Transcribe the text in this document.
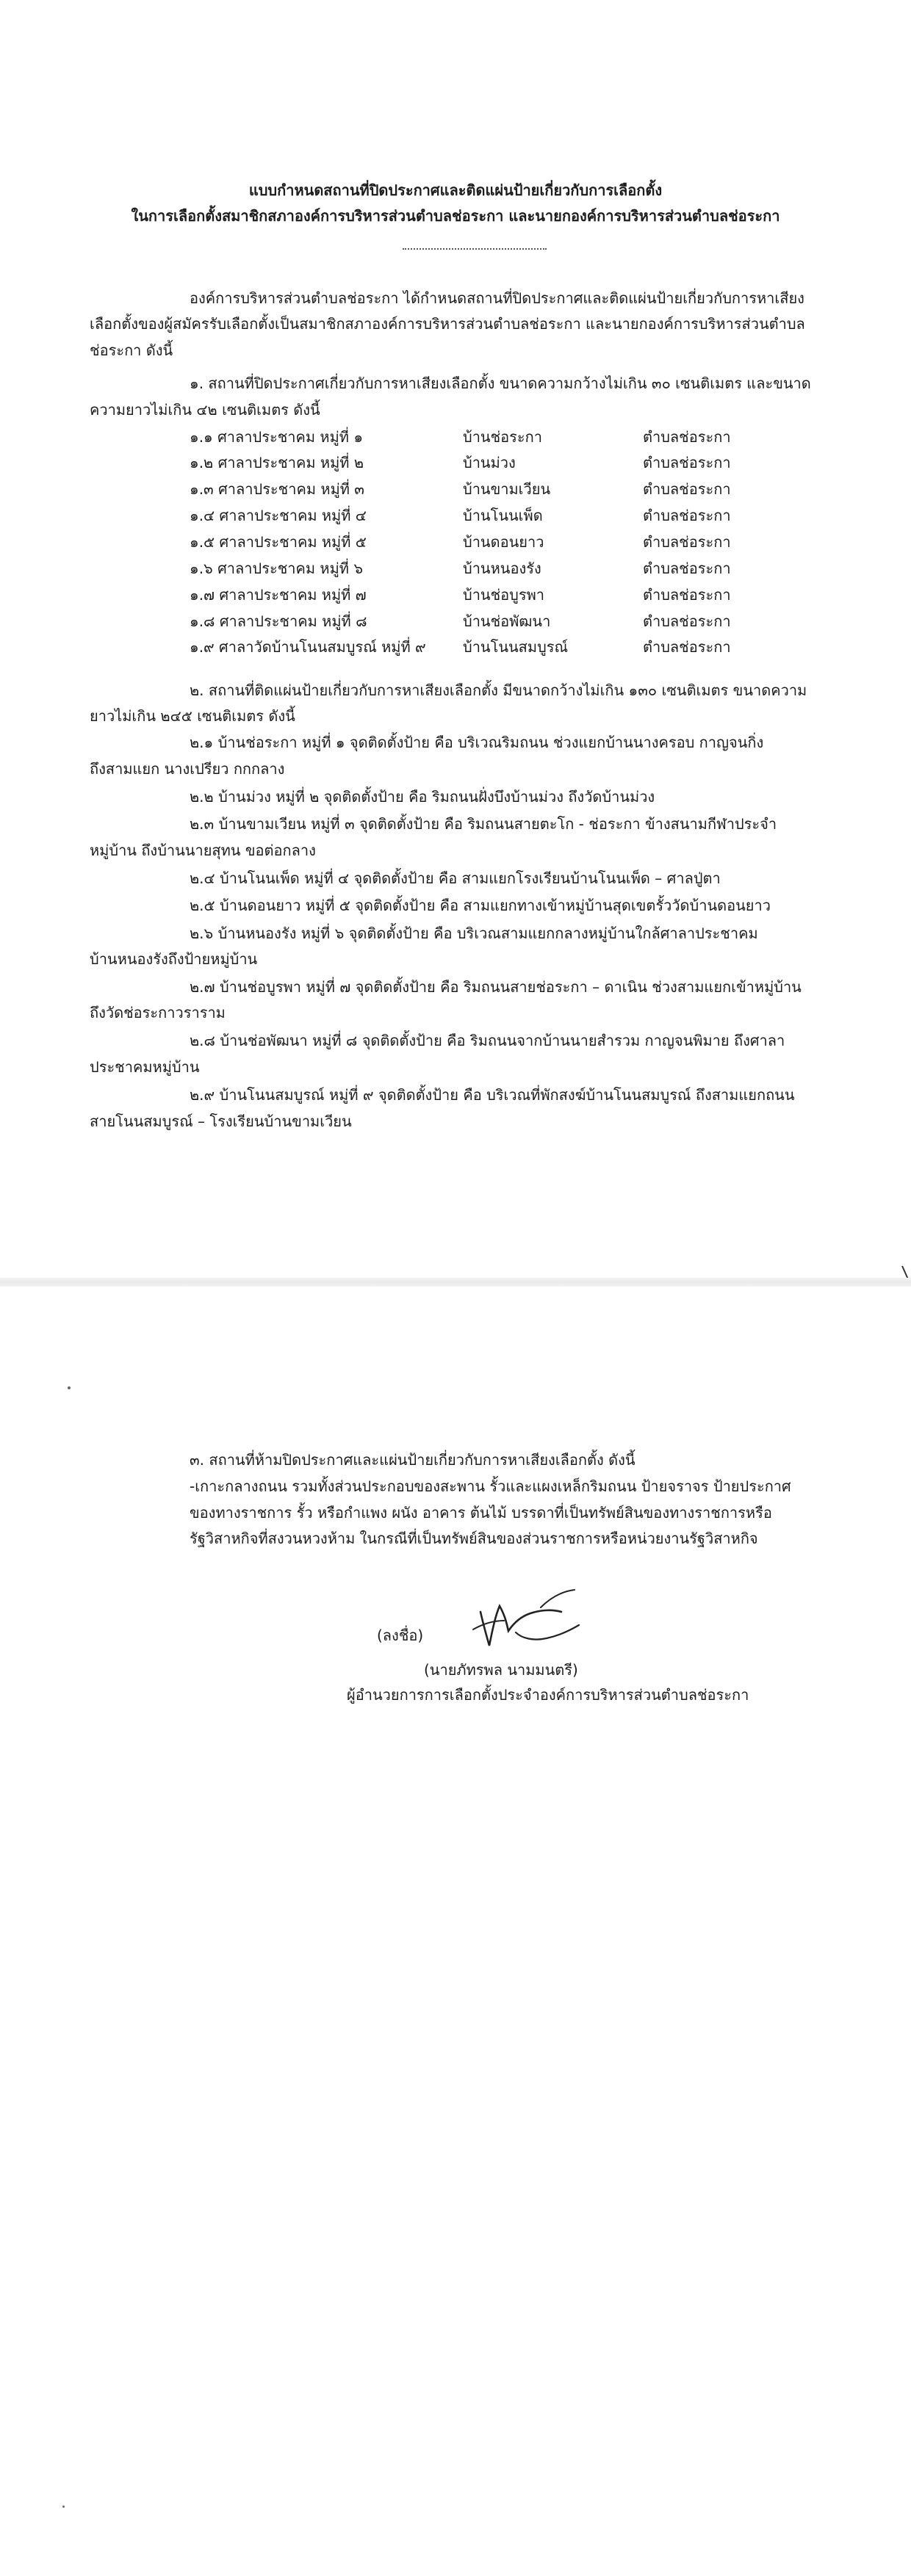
แบบกำหนดสถานที่ปิดประกาศและติดแผ่นป้ายเกี่ยวกับการเลือกตั้ง
ในการเลือกตั้งสมาชิกสภาองค์การบริหารส่วนตำบลช่อระกา และนายกองค์การบริหารส่วนตำบลช่อระกา
องค์การบริหารส่วนตำบลช่อระกา ได้กำหนดสถานที่ปิดประกาศและติดแผ่นป้ายเกี่ยวกับการหาเสียง
เลือกตั้งของผู้สมัครรับเลือกตั้งเป็นสมาชิกสภาองค์การบริหารส่วนตำบลช่อระกา และนายกองค์การบริหารส่วนตำบล
ช่อระกา ดังนี้
๑. สถานที่ปิดประกาศเกี่ยวกับการหาเสียงเลือกตั้ง ขนาดความกว้างไม่เกิน ๓๐ เซนติเมตร และขนาด
ความยาวไม่เกิน ๔๒ เซนติเมตร ดังนี้
๑.๑ ศาลาประชาคม หมู่ที่ ๑	บ้านช่อระกา	ตำบลช่อระกา
๑.๒ ศาลาประชาคม หมู่ที่ ๒	บ้านม่วง	ตำบลช่อระกา
๑.๓ ศาลาประชาคม หมู่ที่ ๓	บ้านขามเวียน	ตำบลช่อระกา
๑.๔ ศาลาประชาคม หมู่ที่ ๔	บ้านโนนเพ็ด	ตำบลช่อระกา
๑.๕ ศาลาประชาคม หมู่ที่ ๕	บ้านดอนยาว	ตำบลช่อระกา
๑.๖ ศาลาประชาคม หมู่ที่ ๖	บ้านหนองรัง	ตำบลช่อระกา
๑.๗ ศาลาประชาคม หมู่ที่ ๗	บ้านช่อบูรพา	ตำบลช่อระกา
๑.๘ ศาลาประชาคม หมู่ที่ ๘	บ้านช่อพัฒนา	ตำบลช่อระกา
๑.๙ ศาลาวัดบ้านโนนสมบูรณ์ หมู่ที่ ๙	บ้านโนนสมบูรณ์	ตำบลช่อระกา
๒. สถานที่ติดแผ่นป้ายเกี่ยวกับการหาเสียงเลือกตั้ง มีขนาดกว้างไม่เกิน ๑๓๐ เซนติเมตร ขนาดความ
ยาวไม่เกิน ๒๔๕ เซนติเมตร ดังนี้
๒.๑ บ้านช่อระกา หมู่ที่ ๑ จุดติดตั้งป้าย คือ บริเวณริมถนน ช่วงแยกบ้านนางครอบ กาญจนกิ่ง
ถึงสามแยก นางเปรียว กกกลาง
๒.๒ บ้านม่วง หมู่ที่ ๒ จุดติดตั้งป้าย คือ ริมถนนฝั่งบึงบ้านม่วง ถึงวัดบ้านม่วง
๒.๓ บ้านขามเวียน หมู่ที่ ๓ จุดติดตั้งป้าย คือ ริมถนนสายตะโก - ช่อระกา ข้างสนามกีฬาประจำ
หมู่บ้าน ถึงบ้านนายสุทน ขอต่อกลาง
๒.๔ บ้านโนนเพ็ด หมู่ที่ ๔ จุดติดตั้งป้าย คือ สามแยกโรงเรียนบ้านโนนเพ็ด – ศาลปู่ตา
๒.๕ บ้านดอนยาว หมู่ที่ ๕ จุดติดตั้งป้าย คือ สามแยกทางเข้าหมู่บ้านสุดเขตรั้ววัดบ้านดอนยาว
๒.๖ บ้านหนองรัง หมู่ที่ ๖ จุดติดตั้งป้าย คือ บริเวณสามแยกกลางหมู่บ้านใกล้ศาลาประชาคม
บ้านหนองรังถึงป้ายหมู่บ้าน
๒.๗ บ้านช่อบูรพา หมู่ที่ ๗ จุดติดตั้งป้าย คือ ริมถนนสายช่อระกา – ดาเนิน ช่วงสามแยกเข้าหมู่บ้าน
ถึงวัดช่อระกาวราราม
๒.๘ บ้านช่อพัฒนา หมู่ที่ ๘ จุดติดตั้งป้าย คือ ริมถนนจากบ้านนายสำรวม กาญจนพิมาย ถึงศาลา
ประชาคมหมู่บ้าน
๒.๙ บ้านโนนสมบูรณ์ หมู่ที่ ๙ จุดติดตั้งป้าย คือ บริเวณที่พักสงฆ์บ้านโนนสมบูรณ์ ถึงสามแยกถนน
สายโนนสมบูรณ์ – โรงเรียนบ้านขามเวียน
๓. สถานที่ห้ามปิดประกาศและแผ่นป้ายเกี่ยวกับการหาเสียงเลือกตั้ง ดังนี้
-เกาะกลางถนน รวมทั้งส่วนประกอบของสะพาน รั้วและแผงเหล็กริมถนน ป้ายจราจร ป้ายประกาศ
ของทางราชการ รั้ว หรือกำแพง ผนัง อาคาร ต้นไม้ บรรดาที่เป็นทรัพย์สินของทางราชการหรือ
รัฐวิสาหกิจที่สงวนหวงห้าม ในกรณีที่เป็นทรัพย์สินของส่วนราชการหรือหน่วยงานรัฐวิสาหกิจ
(ลงชื่อ)
(นายภัทรพล นามมนตรี)
ผู้อำนวยการการเลือกตั้งประจำองค์การบริหารส่วนตำบลช่อระกา
